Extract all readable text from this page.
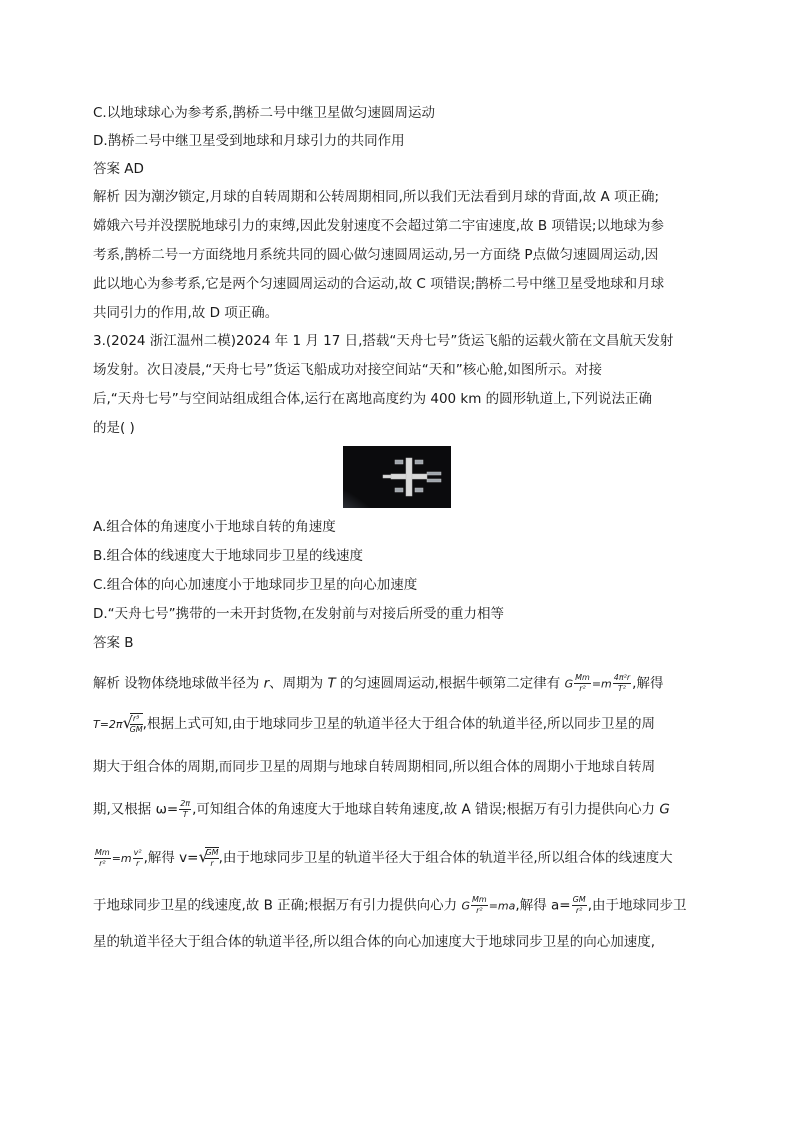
C.以地球球心为参考系,鹊桥二号中继卫星做匀速圆周运动
D.鹊桥二号中继卫星受到地球和月球引力的共同作用
答案 AD
解析 因为潮汐锁定,月球的自转周期和公转周期相同,所以我们无法看到月球的背面,故 A 项正确;
嫦娥六号并没摆脱地球引力的束缚,因此发射速度不会超过第二宇宙速度,故 B 项错误;以地球为参
考系,鹊桥二号一方面绕地月系统共同的圆心做匀速圆周运动,另一方面绕 P点做匀速圆周运动,因
此以地心为参考系,它是两个匀速圆周运动的合运动,故 C 项错误;鹊桥二号中继卫星受地球和月球
共同引力的作用,故 D 项正确。
3.(2024 浙江温州二模)2024 年 1 月 17 日,搭载“天舟七号”货运飞船的运载火箭在文昌航天发射
场发射。次日凌晨,“天舟七号”货运飞船成功对接空间站“天和”核心舱,如图所示。对接
后,“天舟七号”与空间站组成组合体,运行在离地高度约为 400 km 的圆形轨道上,下列说法正确
的是( )
A.组合体的角速度小于地球自转的角速度
B.组合体的线速度大于地球同步卫星的线速度
C.组合体的向心加速度小于地球同步卫星的向心加速度
D.“天舟七号”携带的一未开封货物,在发射前与对接后所受的重力相等
答案 B
解析 设物体绕地球做半径为 r、周期为 T 的匀速圆周运动,根据牛顿第二定律有 G $\frac{Mm}{\text{r²}} =m \frac{\text{4π²r}}{\text{T²}}$ ,解得
T=2π √
$\frac{\text{r³}}{GM}$ ,根据上式可知,由于地球同步卫星的轨道半径大于组合体的轨道半径,所以同步卫星的周
期大于组合体的周期,而同步卫星的周期与地球自转周期相同,所以组合体的周期小于地球自转周
期,又根据 $\omega= \frac{2\pi}{T}$ ,可知组合体的角速度大于地球自转角速度,故 A 错误;根据万有引力提供向心力 G
$\frac{Mm}{\text{r²}} =m \frac{\text{v²}}{r}$ ,解得 v= √
$\frac{GM}{r}$ ,由于地球同步卫星的轨道半径大于组合体的轨道半径,所以组合体的线速度大
于地球同步卫星的线速度,故 B 正确;根据万有引力提供向心力 G $\frac{Mm}{\text{r²}} =ma$,解得 $a= \frac{GM}{\text{r²}}$ ,由于地球同步卫
星的轨道半径大于组合体的轨道半径,所以组合体的向心加速度大于地球同步卫星的向心加速度,
